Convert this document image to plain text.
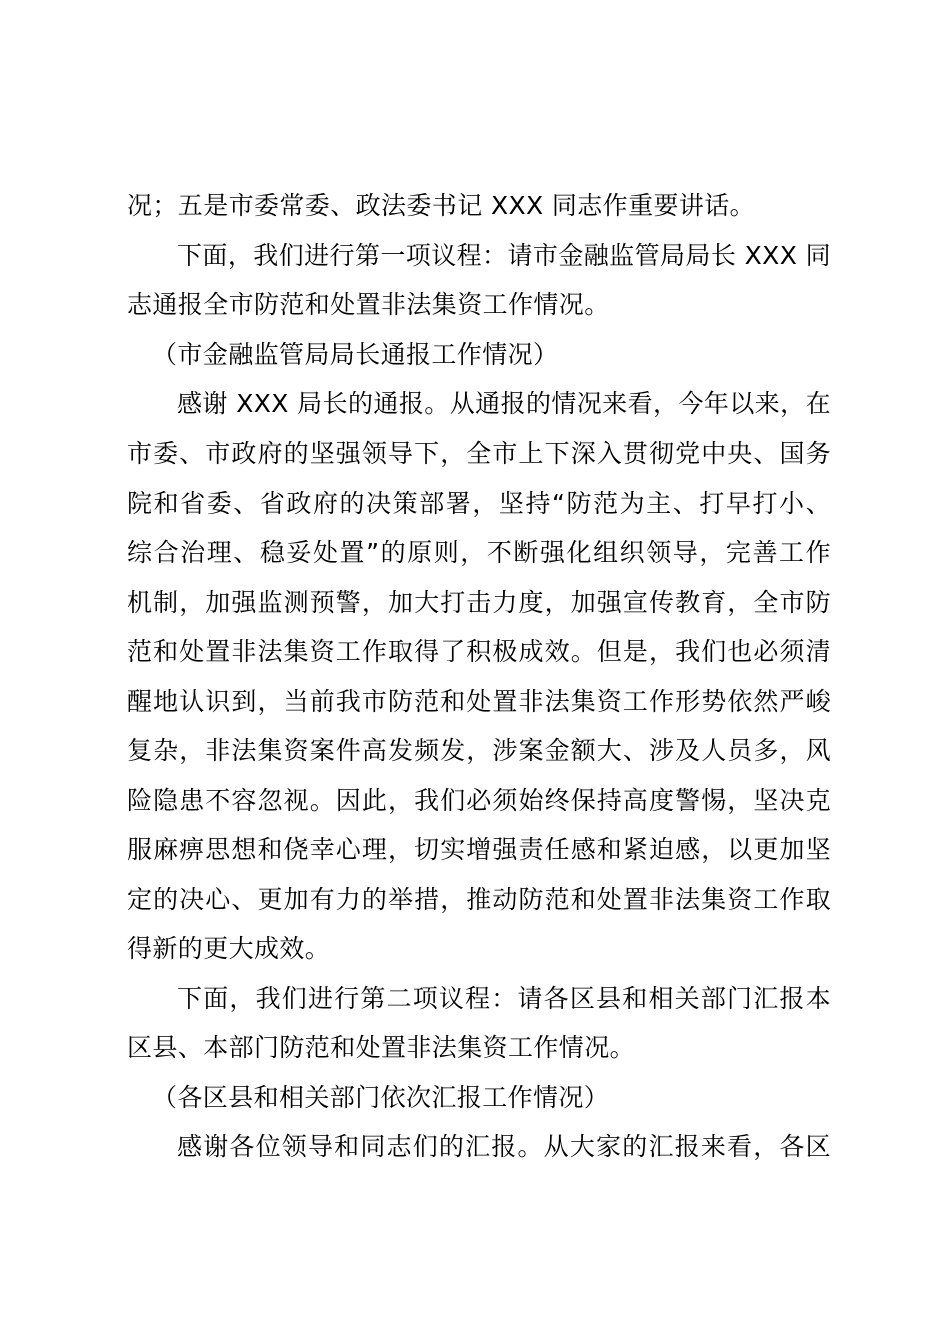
况；五是市委常委、政法委书记 XXX 同志作重要讲话。
下面，我们进行第一项议程：请市金融监管局局长 XXX 同
志通报全市防范和处置非法集资工作情况。
（市金融监管局局长通报工作情况）
感谢 XXX 局长的通报。从通报的情况来看，今年以来，在
市委、市政府的坚强领导下，全市上下深入贯彻党中央、国务
院和省委、省政府的决策部署，坚持“防范为主、打早打小、
综合治理、稳妥处置”的原则，不断强化组织领导，完善工作
机制，加强监测预警，加大打击力度，加强宣传教育，全市防
范和处置非法集资工作取得了积极成效。但是，我们也必须清
醒地认识到，当前我市防范和处置非法集资工作形势依然严峻
复杂，非法集资案件高发频发，涉案金额大、涉及人员多，风
险隐患不容忽视。因此，我们必须始终保持高度警惕，坚决克
服麻痹思想和侥幸心理，切实增强责任感和紧迫感，以更加坚
定的决心、更加有力的举措，推动防范和处置非法集资工作取
得新的更大成效。
下面，我们进行第二项议程：请各区县和相关部门汇报本
区县、本部门防范和处置非法集资工作情况。
（各区县和相关部门依次汇报工作情况）
感谢各位领导和同志们的汇报。从大家的汇报来看，各区
